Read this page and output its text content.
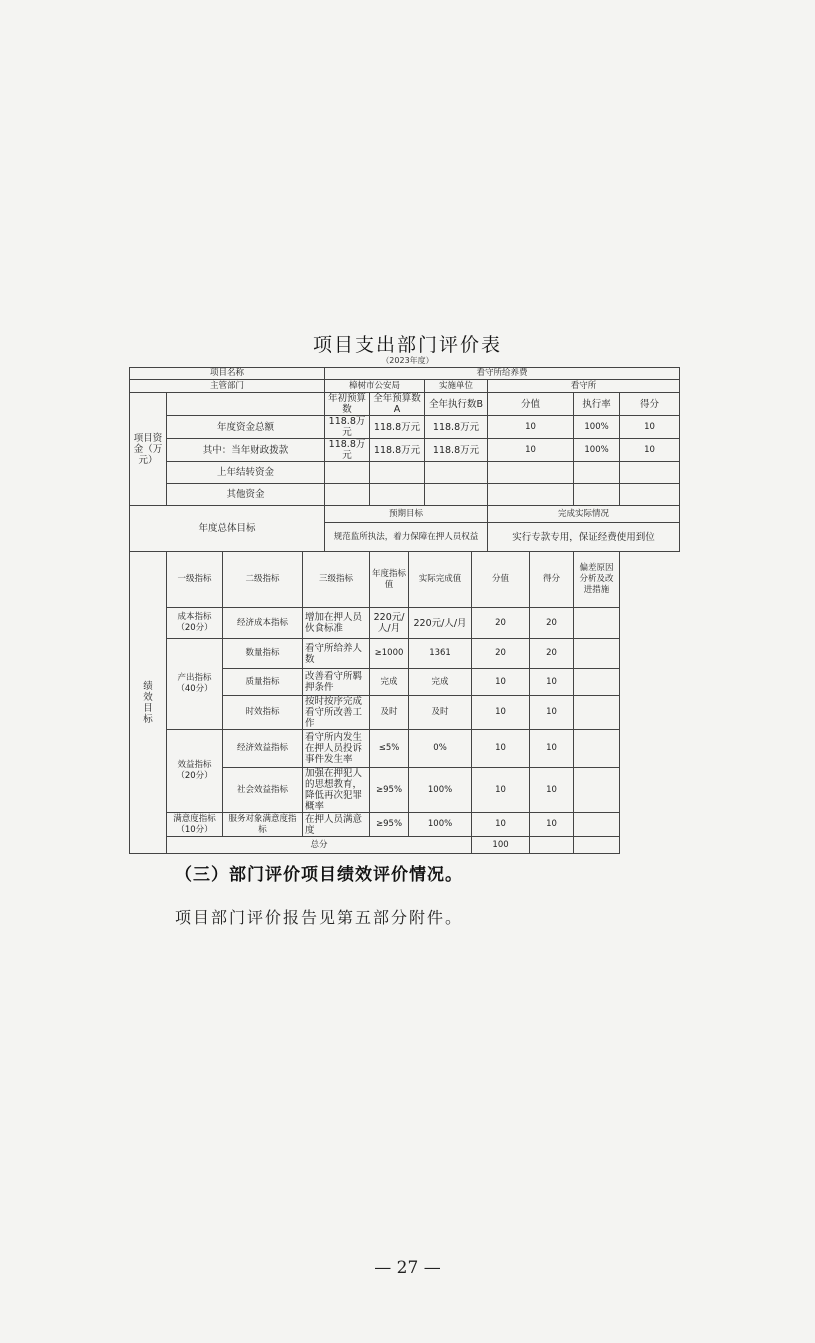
项目支出部门评价表
（2023年度）
项目名称				看守所给养费								
主管部门				樟树市公安局			实施单位		看守所			
项目资金（万元）				年初预算数	全年预算数A		全年执行数B		分值		执行率	得分
	年度资金总额			118.8万元	118.8万元		118.8万元		10		100%	10
	其中：当年财政拨款			118.8万元	118.8万元		118.8万元		10		100%	10
	上年结转资金											
	其他资金											
年度总体目标				预期目标					完成实际情况			
				规范监所执法，着力保障在押人员权益					实行专款专用，保证经费使用到位			
绩效目标	一级指标	二级指标	三级指标		年度指标值	实际完成值		分值		得分	偏差原因分析及改进措施	
	成本指标（20分）	经济成本指标	增加在押人员伙食标准		220元/人/月	220元/人/月		20		20		
	产出指标（40分）	数量指标	看守所给养人数		≥1000	1361		20		20		
		质量指标	改善看守所羁押条件		完成	完成		10		10		
		时效指标	按时按序完成看守所改善工作		及时	及时		10		10		
	效益指标（20分）	经济效益指标	看守所内发生在押人员投诉事件发生率		≤5%	0%		10		10		
		社会效益指标	加强在押犯人的思想教育，降低再次犯罪概率		≥95%	100%		10		10		
	满意度指标（10分）	服务对象满意度指标	在押人员满意度		≥95%	100%		10		10		
	总分							100				
（三）部门评价项目绩效评价情况。
项目部门评价报告见第五部分附件。
— 27 —
